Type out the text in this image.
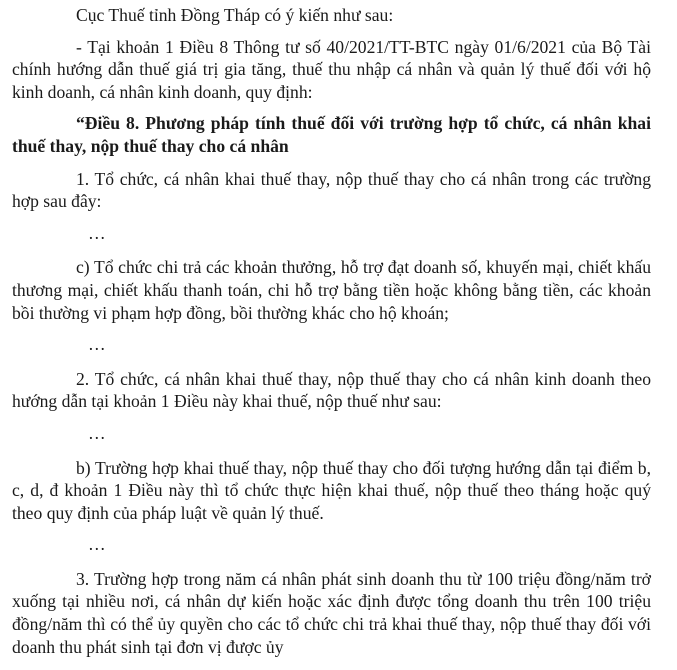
Cục Thuế tỉnh Đồng Tháp có ý kiến như sau:

- Tại khoản 1 Điều 8 Thông tư số 40/2021/TT-BTC ngày 01/6/2021 của Bộ Tài chính hướng dẫn thuế giá trị gia tăng, thuế thu nhập cá nhân và quản lý thuế đối với hộ kinh doanh, cá nhân kinh doanh, quy định:

“Điều 8. Phương pháp tính thuế đối với trường hợp tổ chức, cá nhân khai thuế thay, nộp thuế thay cho cá nhân

1. Tổ chức, cá nhân khai thuế thay, nộp thuế thay cho cá nhân trong các trường hợp sau đây:

…

c) Tổ chức chi trả các khoản thưởng, hỗ trợ đạt doanh số, khuyến mại, chiết khấu thương mại, chiết khấu thanh toán, chi hỗ trợ bằng tiền hoặc không bằng tiền, các khoản bồi thường vi phạm hợp đồng, bồi thường khác cho hộ khoán;

…

2. Tổ chức, cá nhân khai thuế thay, nộp thuế thay cho cá nhân kinh doanh theo hướng dẫn tại khoản 1 Điều này khai thuế, nộp thuế như sau:

…

b) Trường hợp khai thuế thay, nộp thuế thay cho đối tượng hướng dẫn tại điểm b, c, d, đ khoản 1 Điều này thì tổ chức thực hiện khai thuế, nộp thuế theo tháng hoặc quý theo quy định của pháp luật về quản lý thuế.

…

3. Trường hợp trong năm cá nhân phát sinh doanh thu từ 100 triệu đồng/năm trở xuống tại nhiều nơi, cá nhân dự kiến hoặc xác định được tổng doanh thu trên 100 triệu đồng/năm thì có thể ủy quyền cho các tổ chức chi trả khai thuế thay, nộp thuế thay đối với doanh thu phát sinh tại đơn vị được ủy
